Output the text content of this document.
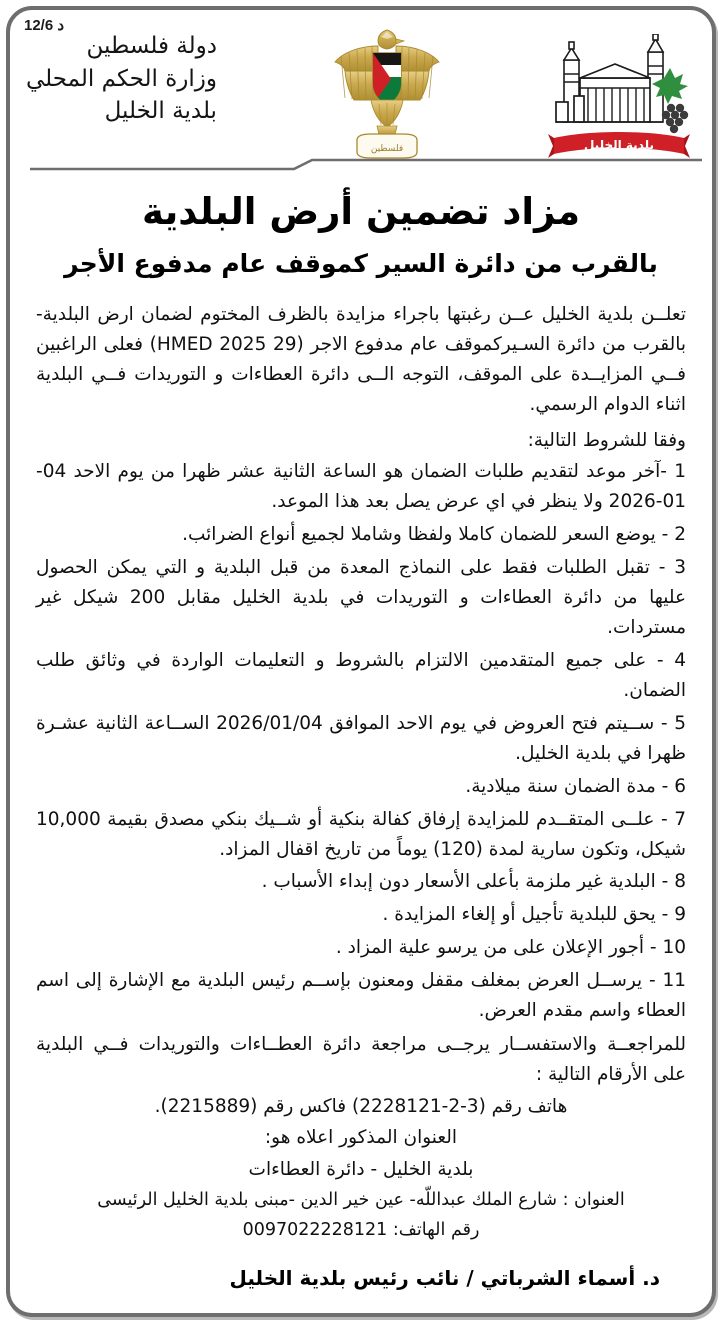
12/6 د
دولة فلسطين
وزارة الحكم المحلي
بلدية الخليل
فلسطين	بلدية الخليل
مزاد تضمين أرض البلدية
بالقرب من دائرة السير كموقف عام مدفوع الأجر

تعلــن بلدية الخليل عــن رغبتها باجراء مزايدة بالظرف المختوم لضمان ارض البلدية- بالقرب من دائرة السـيركموقف عام مدفوع الاجر (HMED 2025 29) فعلى الراغبين فــي المزايــدة على الموقف، التوجه الــى دائرة العطاءات و التوريدات فــي البلدية اثناء الدوام الرسمي.

وفقا للشروط التالية:
1 -آخر موعد لتقديم طلبات الضمان هو الساعة الثانية عشر ظهرا من يوم الاحد 04-01-2026 ولا ينظر في اي عرض يصل بعد هذا الموعد.
2 - يوضع السعر للضمان كاملا ولفظا وشاملا لجميع أنواع الضرائب.
3 - تقبل الطلبات فقط على النماذج المعدة من قبل البلدية و التي يمكن الحصول عليها من دائرة العطاءات و التوريدات في بلدية الخليل مقابل 200 شيكل غير مستردات.
4 - على جميع المتقدمين الالتزام بالشروط و التعليمات الواردة في وثائق طلب الضمان.
5 - ســيتم فتح العروض في يوم الاحد الموافق 2026/01/04 الســاعة الثانية عشـرة ظهرا في بلدية الخليل.
6 - مدة الضمان سنة ميلادية.
7 - علــى المتقــدم للمزايدة إرفاق كفالة بنكية أو شــيك بنكي مصدق بقيمة 10,000 شيكل، وتكون سارية لمدة (120) يوماً من تاريخ اقفال المزاد.
8 - البلدية غير ملزمة بأعلى الأسعار دون إبداء الأسباب .
9 - يحق للبلدية تأجيل أو إلغاء المزايدة .
10 - أجور الإعلان على من يرسو علية المزاد .
11 - يرســل العرض بمغلف مقفل ومعنون بإســم رئيس البلدية مع الإشارة إلى اسم العطاء واسم مقدم العرض.

للمراجعــة والاستفســار يرجــى مراجعة دائرة العطــاءات والتوريدات فــي البلدية على الأرقام التالية :

هاتف رقم (3-2-2228121) فاكس رقم (2215889).

العنوان المذكور اعلاه هو:

بلدية الخليل - دائرة العطاءات

العنوان : شارع الملك عبداللّه- عين خير الدين -مبنى بلدية الخليل الرئيسى

رقم الهاتف: 0097022228121

د. أسماء الشرباتي / نائب رئيس بلدية الخليل
